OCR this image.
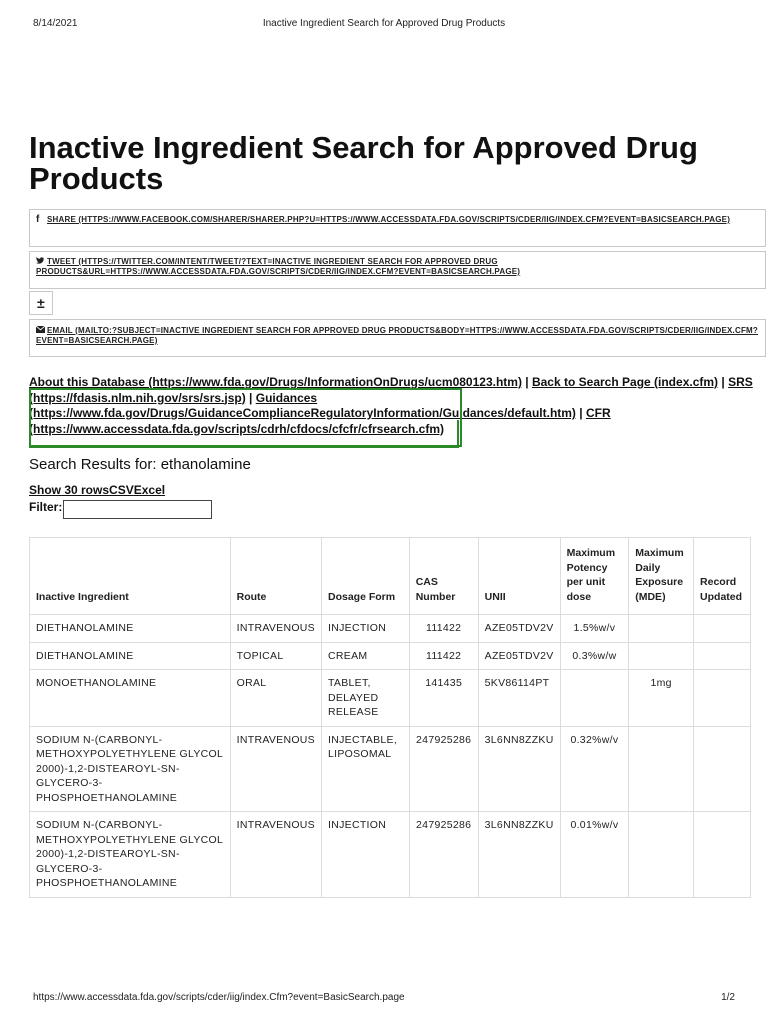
8/14/2021	Inactive Ingredient Search for Approved Drug Products
Inactive Ingredient Search for Approved Drug Products
f SHARE (HTTPS://WWW.FACEBOOK.COM/SHARER/SHARER.PHP?U=HTTPS://WWW.ACCESSDATA.FDA.GOV/SCRIPTS/CDER/IIG/INDEX.CFM?EVENT=BASICSEARCH.PAGE)
TWEET (HTTPS://TWITTER.COM/INTENT/TWEET/?TEXT=INACTIVE INGREDIENT SEARCH FOR APPROVED DRUG PRODUCTS&URL=HTTPS://WWW.ACCESSDATA.FDA.GOV/SCRIPTS/CDER/IIG/INDEX.CFM?EVENT=BASICSEARCH.PAGE)
±
EMAIL (MAILTO:?SUBJECT=INACTIVE INGREDIENT SEARCH FOR APPROVED DRUG PRODUCTS&BODY=HTTPS://WWW.ACCESSDATA.FDA.GOV/SCRIPTS/CDER/IIG/INDEX.CFM?EVENT=BASICSEARCH.PAGE)
About this Database (https://www.fda.gov/Drugs/InformationOnDrugs/ucm080123.htm) | Back to Search Page (index.cfm) | SRS (https://fdasis.nlm.nih.gov/srs/srs.jsp) | Guidances (https://www.fda.gov/Drugs/GuidanceComplianceRegulatoryInformation/Guidances/default.htm) | CFR (https://www.accessdata.fda.gov/scripts/cdrh/cfdocs/cfcfr/cfrsearch.cfm)
Search Results for: ethanolamine
Show 30 rowsCSVExcel
Filter:
Inactive Ingredient	Route	Dosage Form	CAS Number	UNII	Maximum Potency per unit dose	Maximum Daily Exposure (MDE)	Record Updated
DIETHANOLAMINE	INTRAVENOUS	INJECTION	111422	AZE05TDV2V	1.5%w/v		
DIETHANOLAMINE	TOPICAL	CREAM	111422	AZE05TDV2V	0.3%w/w		
MONOETHANOLAMINE	ORAL	TABLET, DELAYED RELEASE	141435	5KV86114PT		1mg	
SODIUM N-(CARBONYL-METHOXYPOLYETHYLENE GLYCOL 2000)-1,2-DISTEAROYL-SN-GLYCERO-3-PHOSPHOETHANOLAMINE	INTRAVENOUS	INJECTABLE, LIPOSOMAL	247925286	3L6NN8ZZKU	0.32%w/v		
SODIUM N-(CARBONYL-METHOXYPOLYETHYLENE GLYCOL 2000)-1,2-DISTEAROYL-SN-GLYCERO-3-PHOSPHOETHANOLAMINE	INTRAVENOUS	INJECTION	247925286	3L6NN8ZZKU	0.01%w/v		
https://www.accessdata.fda.gov/scripts/cder/iig/index.Cfm?event=BasicSearch.page	1/2
